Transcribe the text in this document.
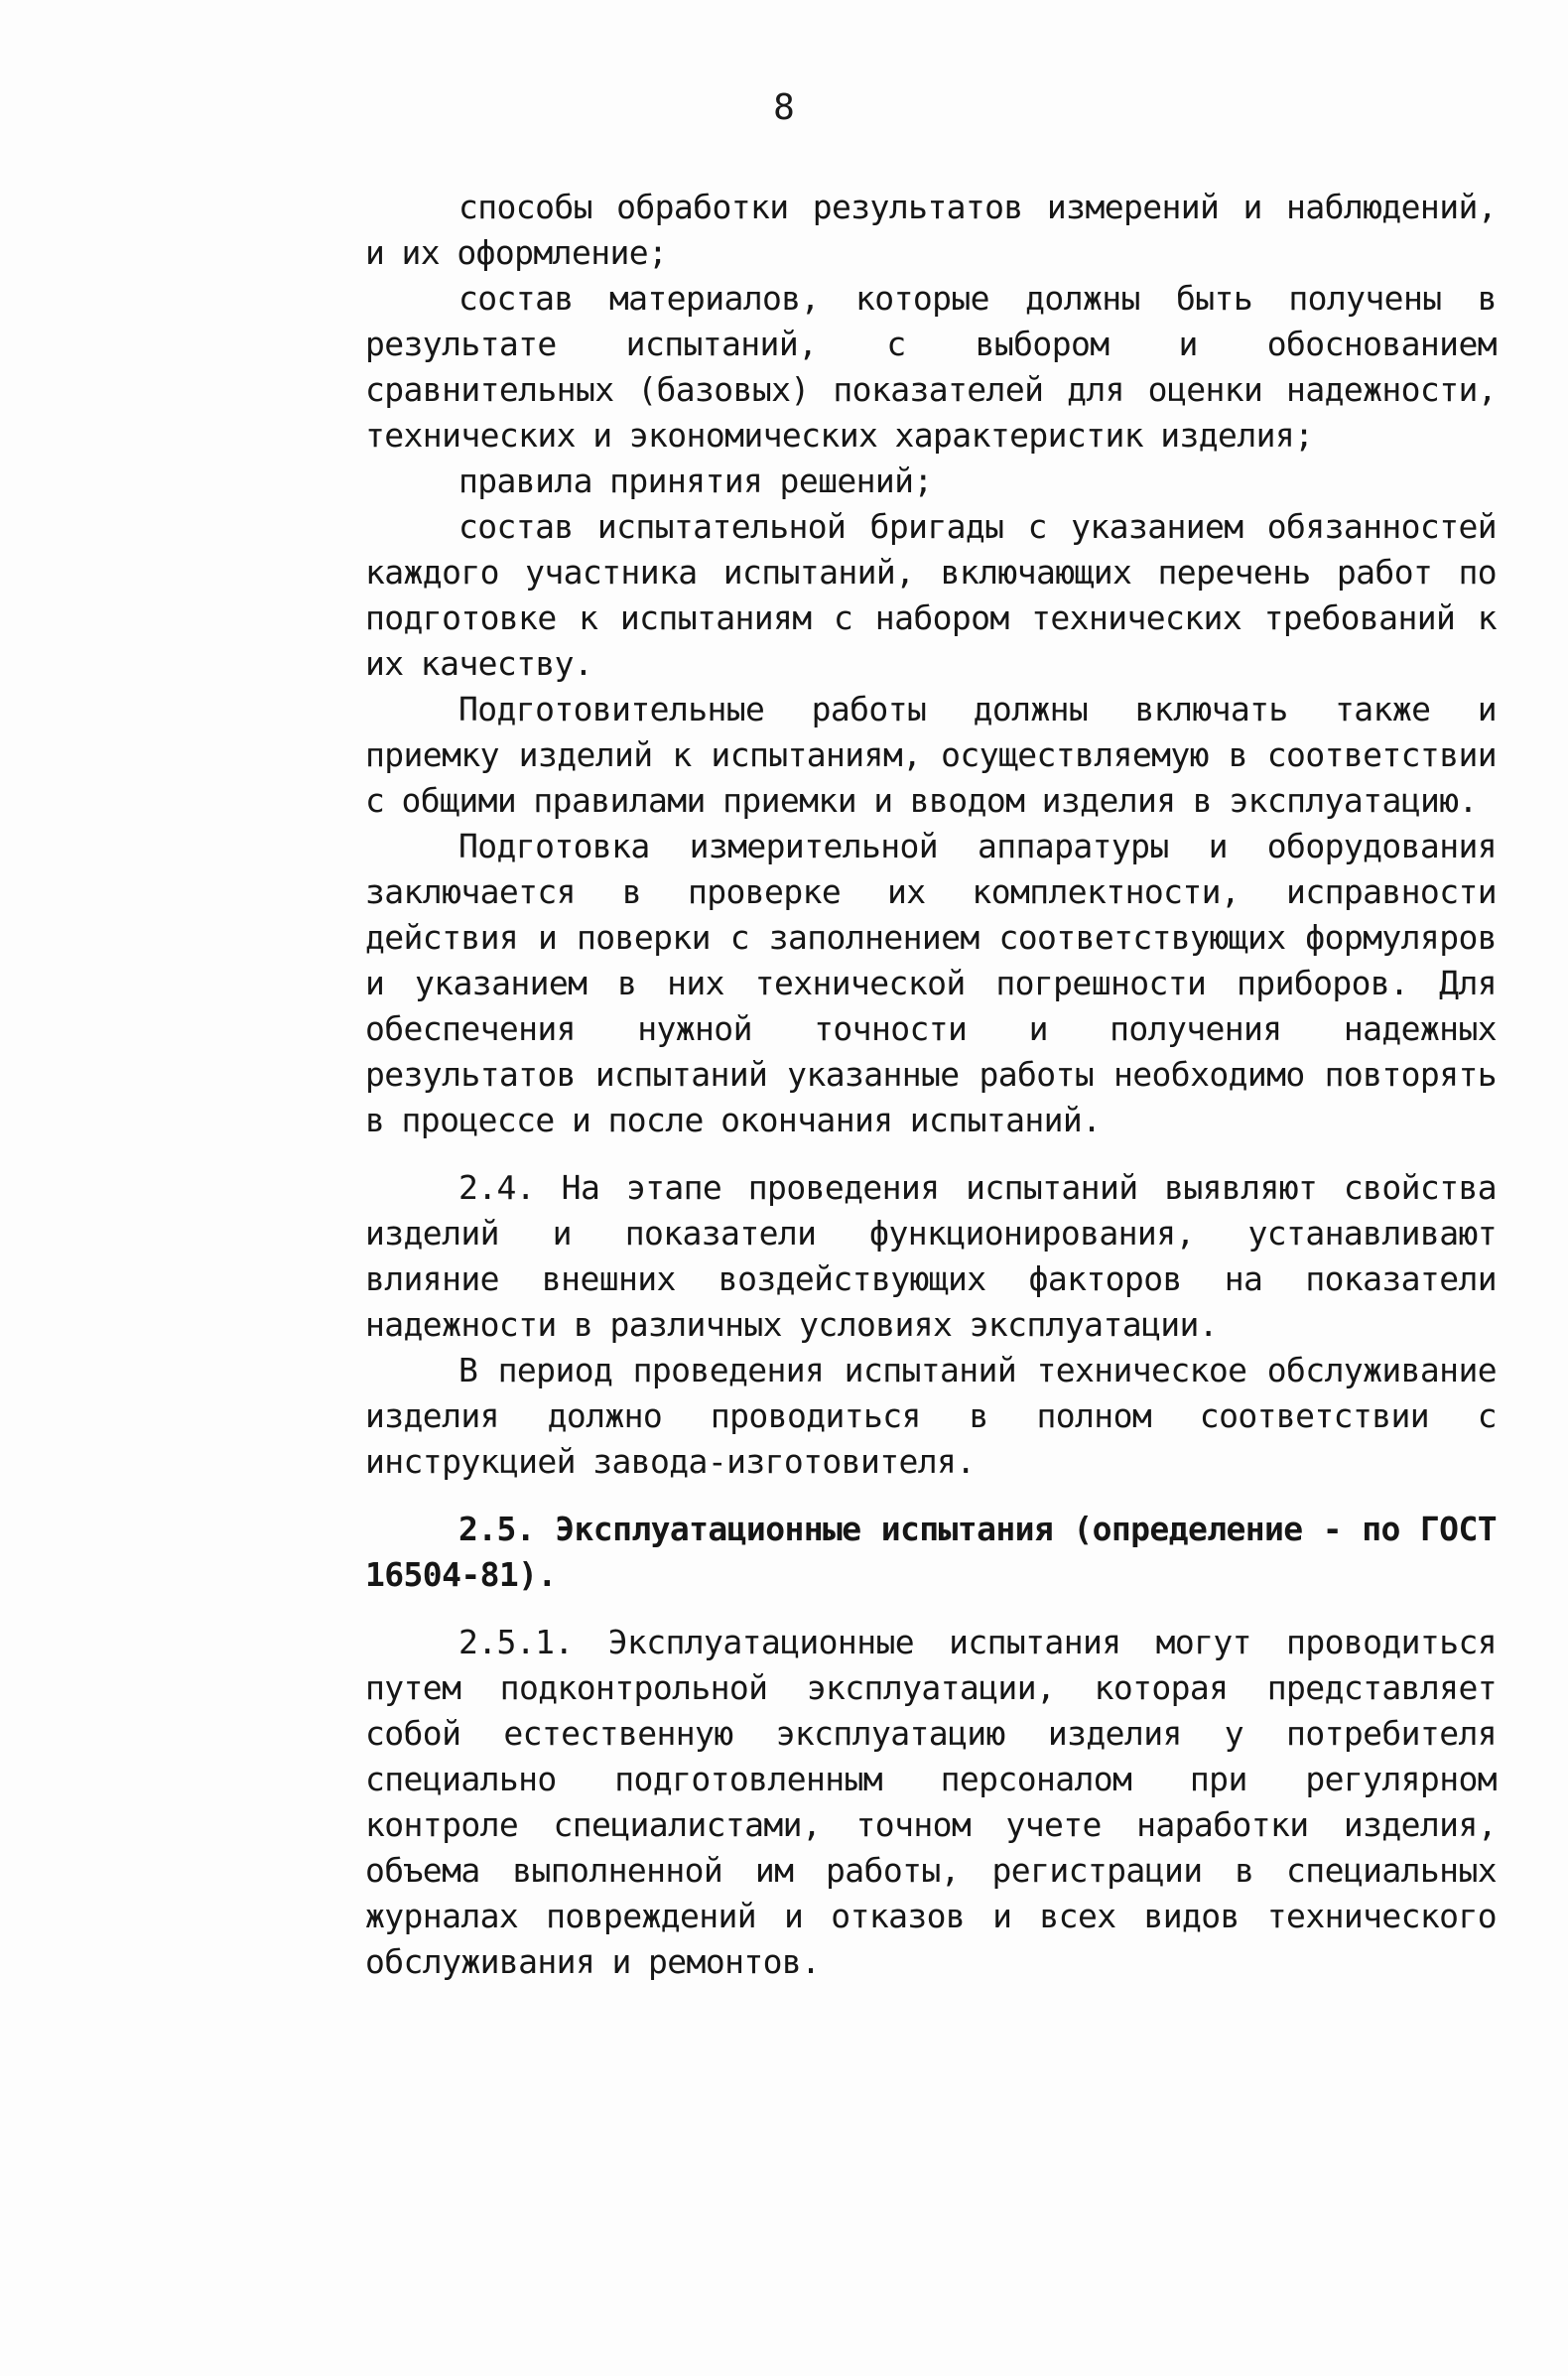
8

способы обработки результатов измерений и наблюдений, и их оформление;

состав материалов, которые должны быть получены в результате испытаний, с выбором и обоснованием сравнительных (базовых) показателей для оценки надежности, технических и экономических характеристик изделия;

правила принятия решений;

состав испытательной бригады с указанием обязанностей каждого участника испытаний, включающих перечень работ по подготовке к испытаниям с набором технических требований к их качеству.

Подготовительные работы должны включать также и приемку изделий к испытаниям, осуществляемую в соответствии с общими правилами приемки и вводом изделия в эксплуатацию.

Подготовка измерительной аппаратуры и оборудования заключается в проверке их комплектности, исправности действия и поверки с заполнением соответствующих формуляров и указанием в них технической погрешности приборов. Для обеспечения нужной точности и получения надежных результатов испытаний указанные работы необходимо повторять в процессе и после окончания испытаний.

2.4. На этапе проведения испытаний выявляют свойства изделий и показатели функционирования, устанавливают влияние внешних воздействующих факторов на показатели надежности в различных условиях эксплуатации.

В период проведения испытаний техническое обслуживание изделия должно проводиться в полном соответствии с инструкцией завода-изготовителя.

2.5. Эксплуатационные испытания (определение - по ГОСТ 16504-81).

2.5.1. Эксплуатационные испытания могут проводиться путем подконтрольной эксплуатации, которая представляет собой естественную эксплуатацию изделия у потребителя специально подготовленным персоналом при регулярном контроле специалистами, точном учете наработки изделия, объема выполненной им работы, регистрации в специальных журналах повреждений и отказов и всех видов технического обслуживания и ремонтов.
